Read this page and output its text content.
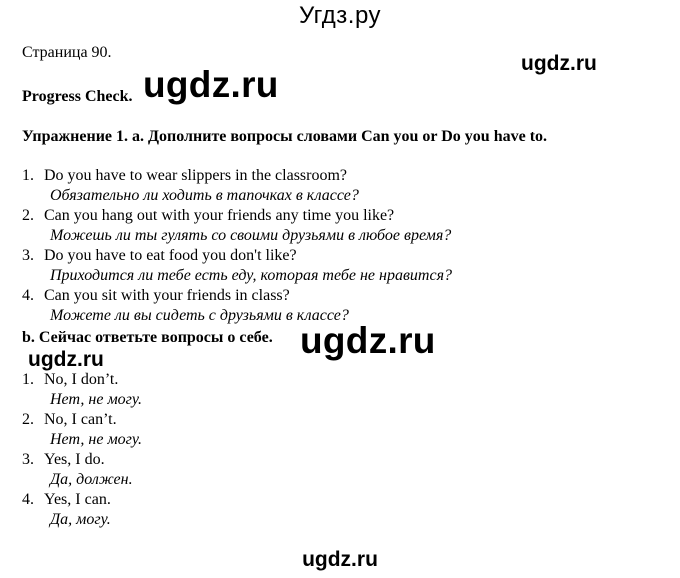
Угдз.ру
Страница 90.	ugdz.ru
Progress Check. ugdz.ru
Упражнение 1. a. Дополните вопросы словами Can you or Do you have to.
1. Do you have to wear slippers in the classroom?
Обязательно ли ходить в тапочках в классе?
2. Can you hang out with your friends any time you like?
Можешь ли ты гулять со своими друзьями в любое время?
3. Do you have to eat food you don't like?
Приходится ли тебе есть еду, которая тебе не нравится?
4. Can you sit with your friends in class?
Можете ли вы сидеть с друзьями в классе?
b. Сейчас ответьте вопросы о себе. ugdz.ru
ugdz.ru
1. No, I don’t.
Нет, не могу.
2. No, I can’t.
Нет, не могу.
3. Yes, I do.
Да, должен.
4. Yes, I can.
Да, могу.
ugdz.ru
